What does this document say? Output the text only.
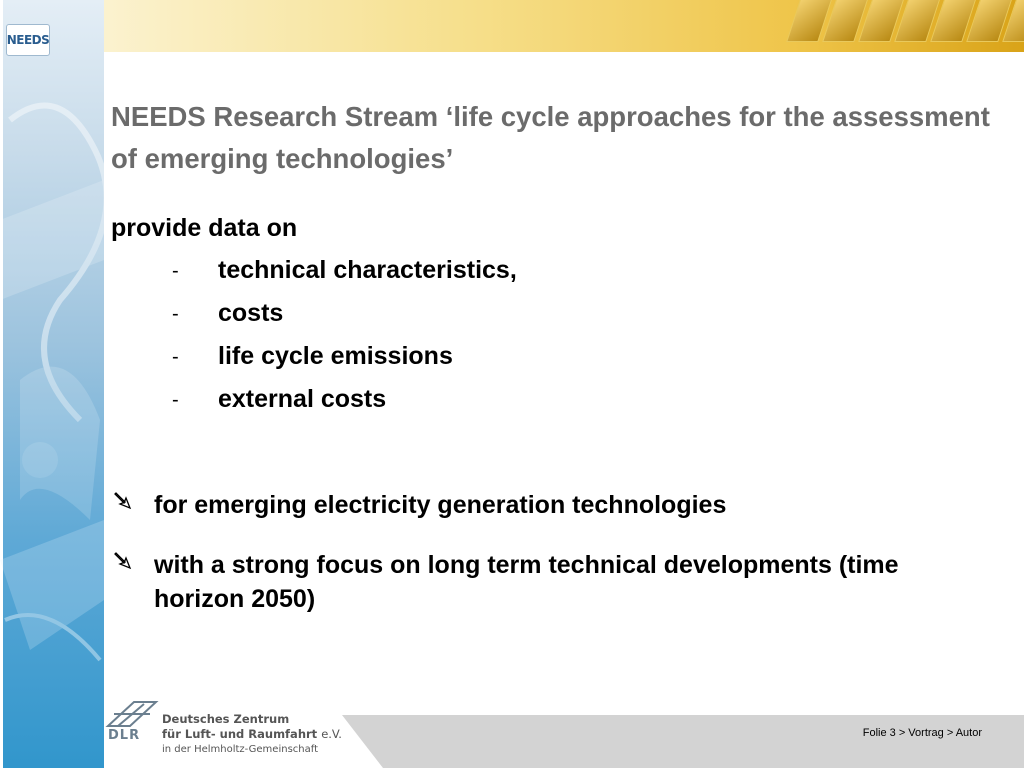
NEEDS
NEEDS Research Stream ‘life cycle approaches for the assessment of emerging technologies’

provide data on

- technical characteristics,
- costs
- life cycle emissions
- external costs
for emerging electricity generation technologies
with a strong focus on long term technical developments (time horizon 2050)
Folie 3 > Vortrag > Autor
DLR
Deutsches Zentrum
für Luft- und Raumfahrt e.V.
in der Helmholtz-Gemeinschaft
